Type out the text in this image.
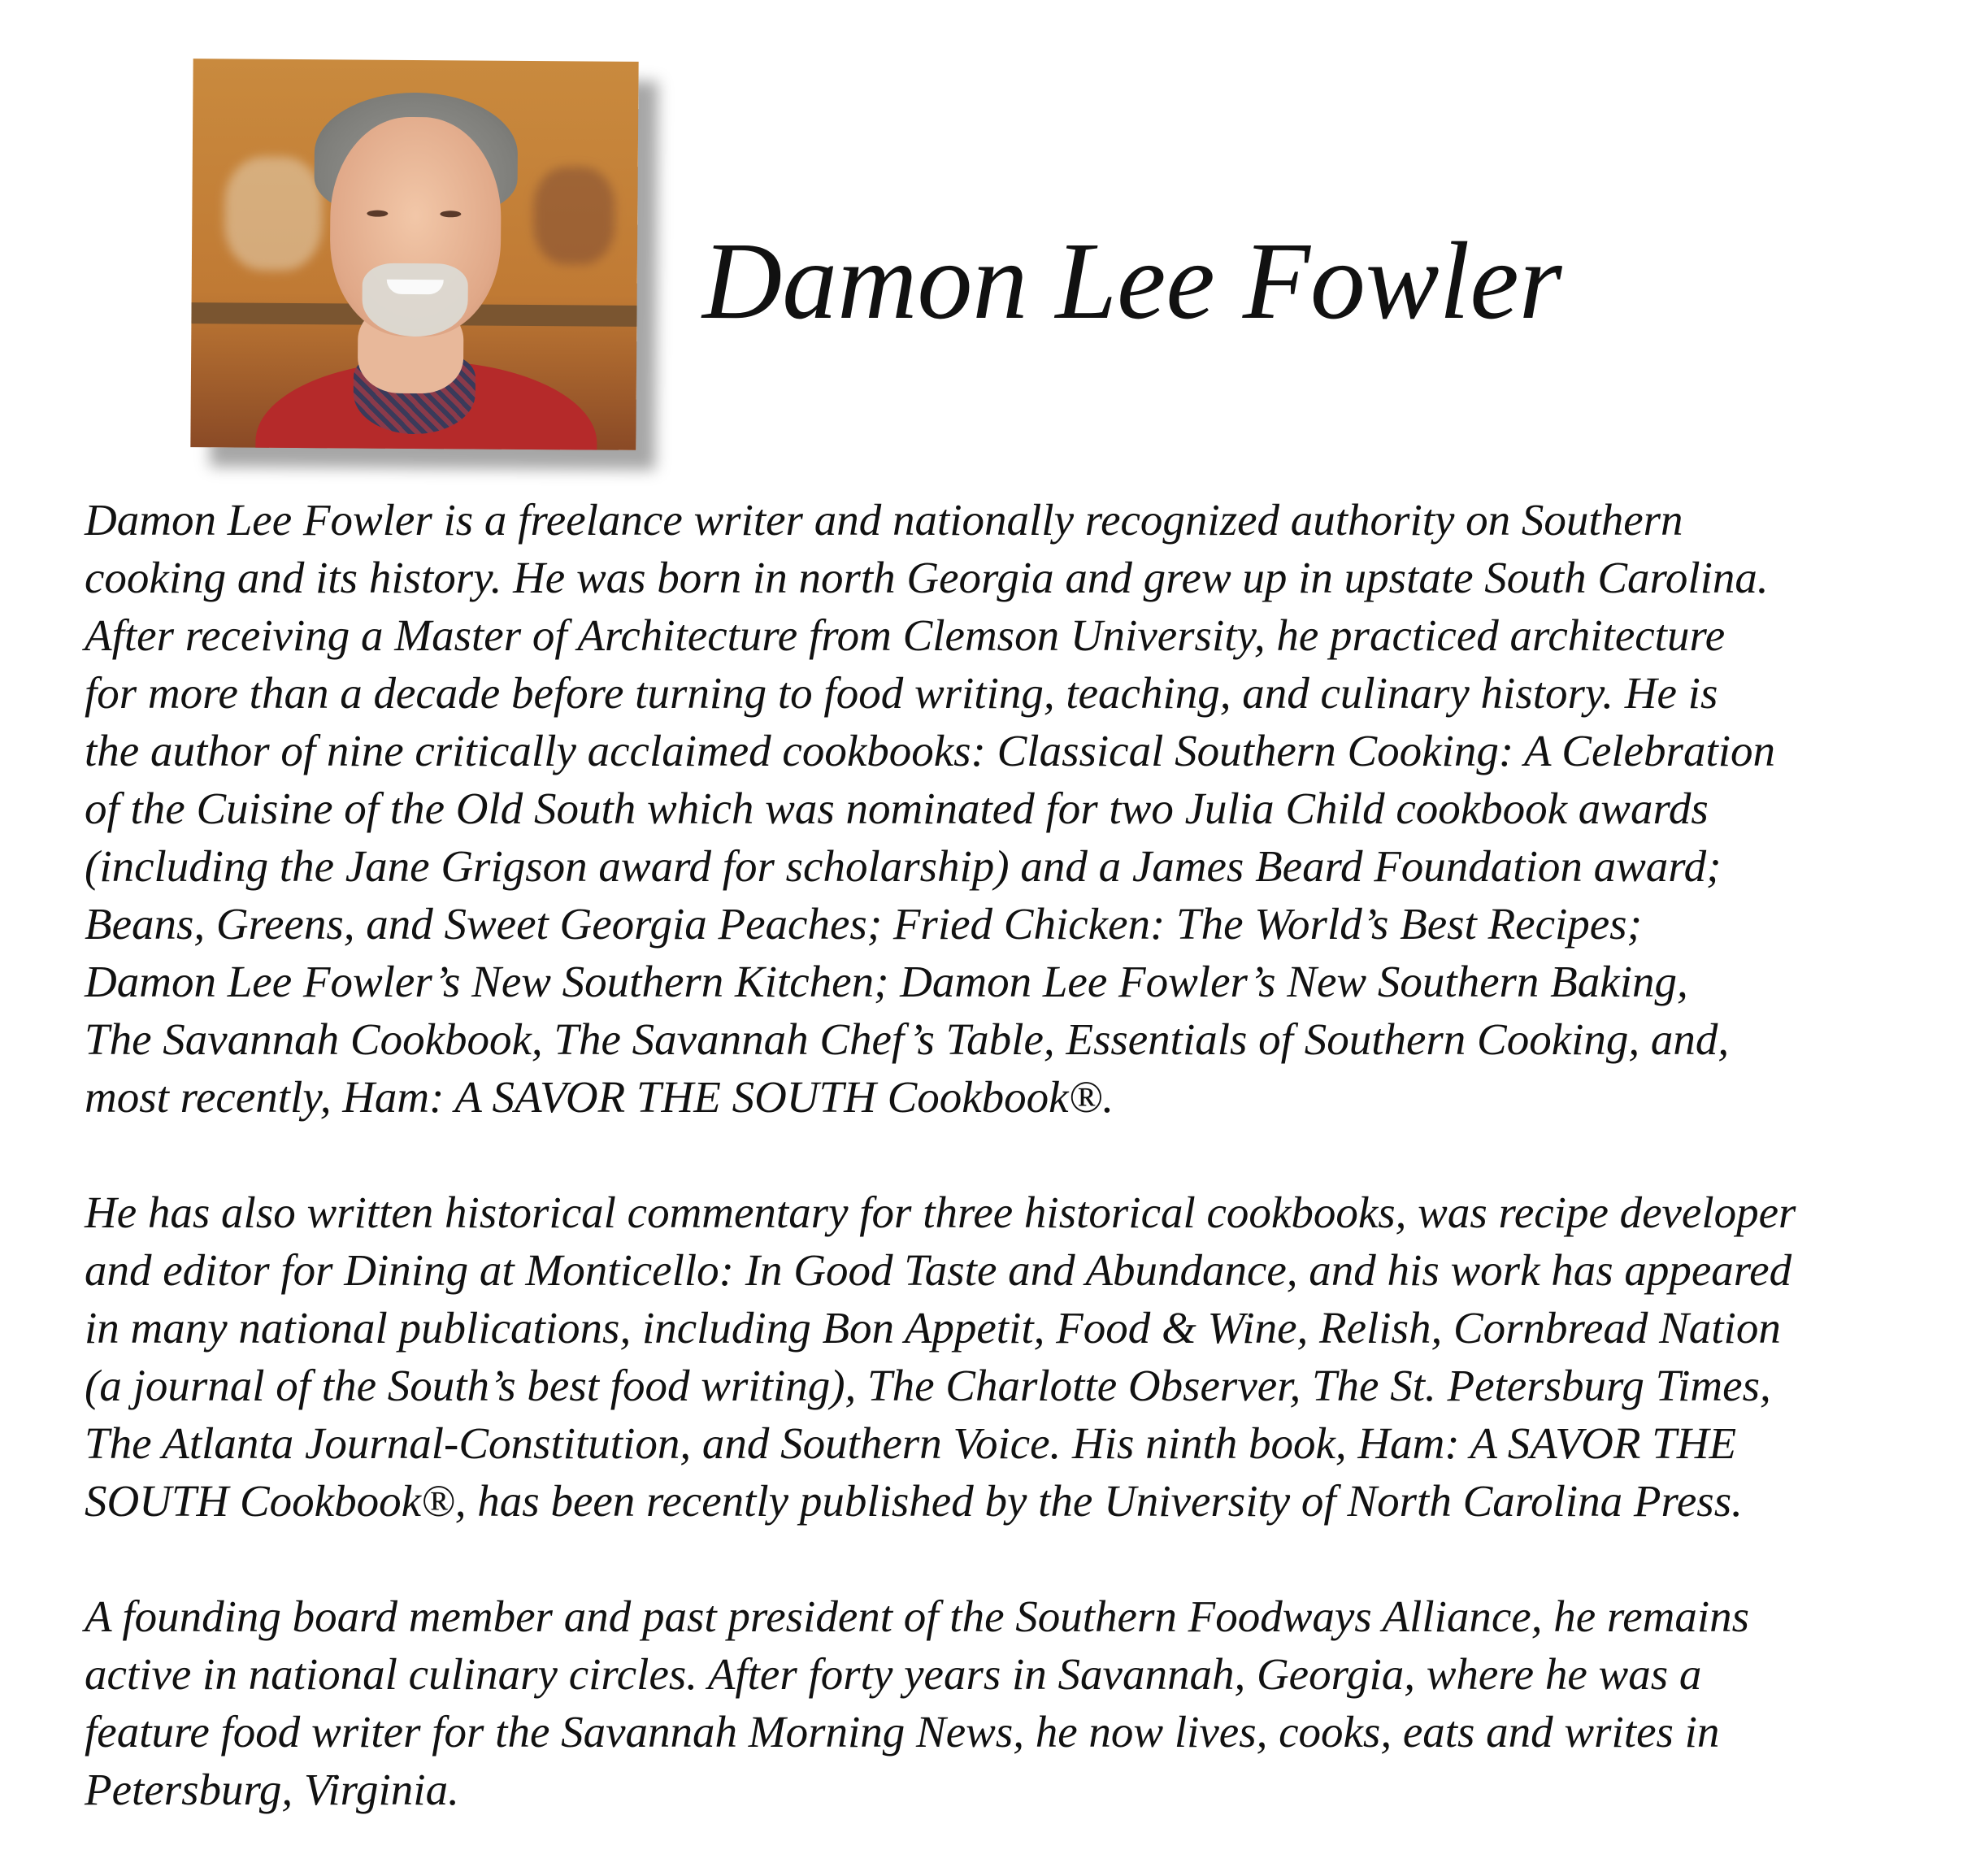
Damon Lee Fowler

Damon Lee Fowler is a freelance writer and nationally recognized authority on Southern
cooking and its history. He was born in north Georgia and grew up in upstate South Carolina.
After receiving a Master of Architecture from Clemson University, he practiced architecture
for more than a decade before turning to food writing, teaching, and culinary history. He is
the author of nine critically acclaimed cookbooks: Classical Southern Cooking: A Celebration
of the Cuisine of the Old South which was nominated for two Julia Child cookbook awards
(including the Jane Grigson award for scholarship) and a James Beard Foundation award;
Beans, Greens, and Sweet Georgia Peaches; Fried Chicken: The World’s Best Recipes;
Damon Lee Fowler’s New Southern Kitchen; Damon Lee Fowler’s New Southern Baking,
The Savannah Cookbook, The Savannah Chef’s Table, Essentials of Southern Cooking, and,
most recently, Ham: A SAVOR THE SOUTH Cookbook®.

He has also written historical commentary for three historical cookbooks, was recipe developer
and editor for Dining at Monticello: In Good Taste and Abundance, and his work has appeared
in many national publications, including Bon Appetit, Food & Wine, Relish, Cornbread Nation
(a journal of the South’s best food writing), The Charlotte Observer, The St. Petersburg Times,
The Atlanta Journal-Constitution, and Southern Voice. His ninth book, Ham: A SAVOR THE
SOUTH Cookbook®, has been recently published by the University of North Carolina Press.

A founding board member and past president of the Southern Foodways Alliance, he remains
active in national culinary circles. After forty years in Savannah, Georgia, where he was a
feature food writer for the Savannah Morning News, he now lives, cooks, eats and writes in
Petersburg, Virginia.
